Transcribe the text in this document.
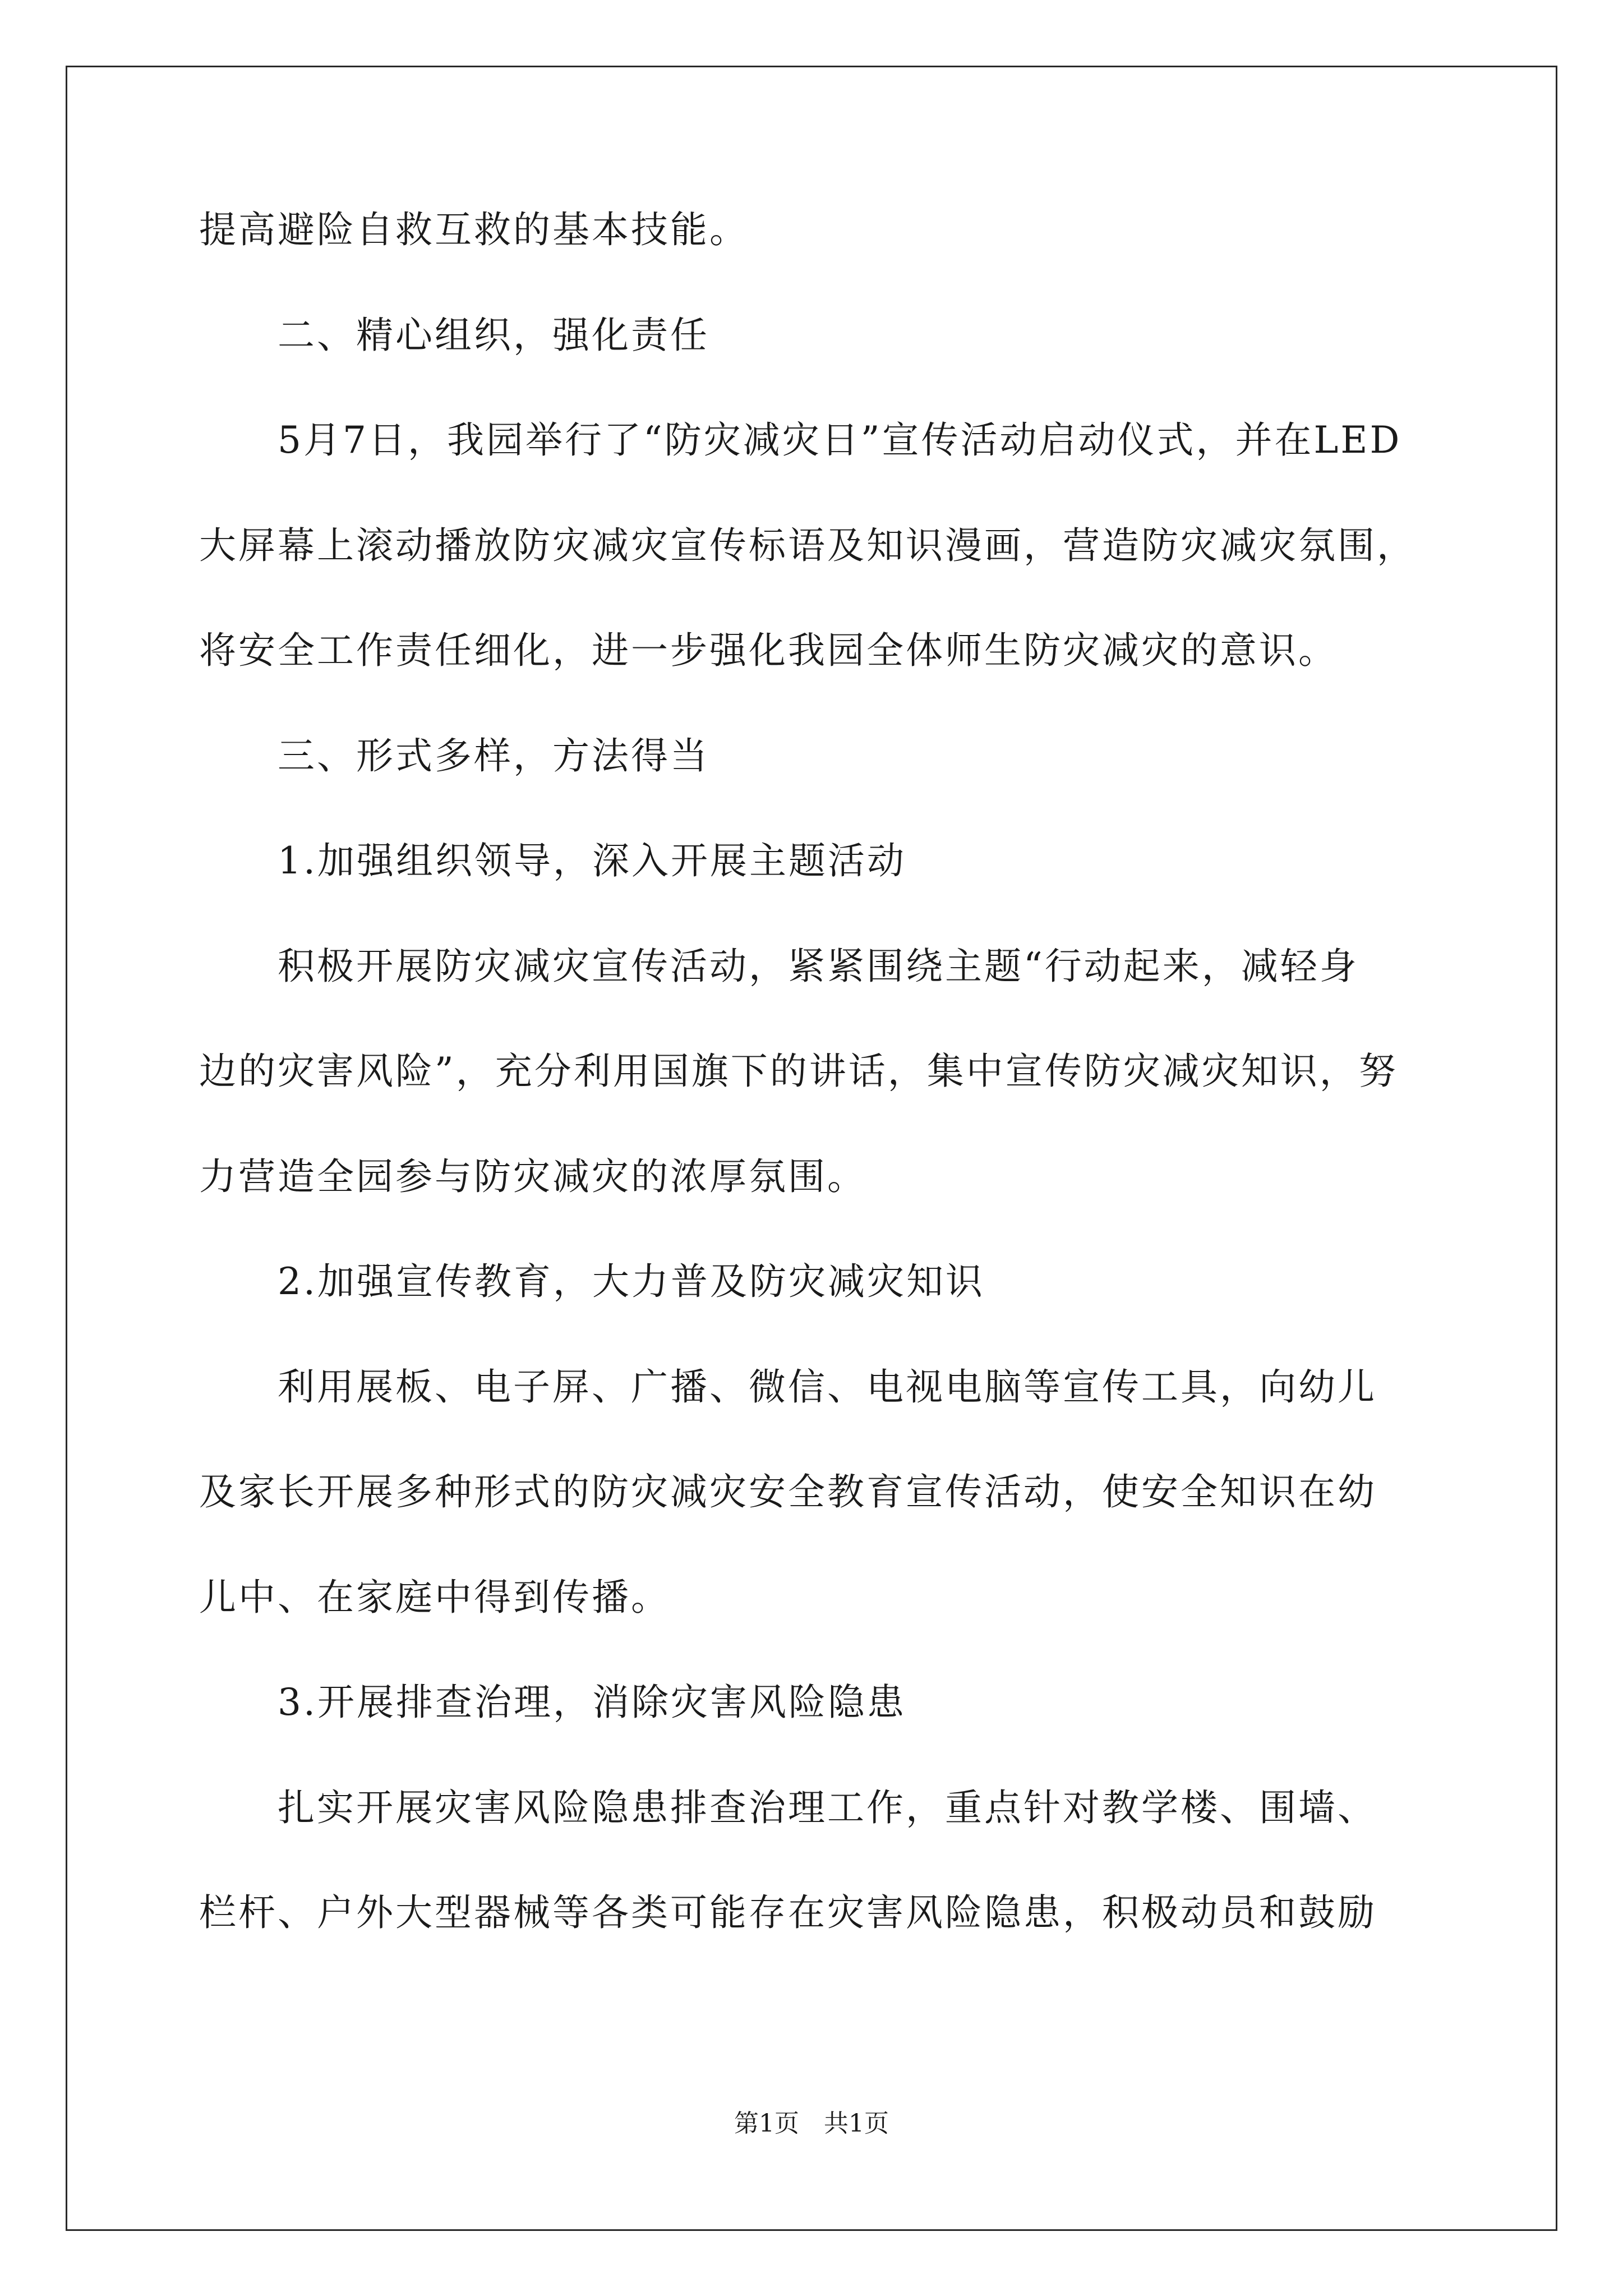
提高避险自救互救的基本技能。
　　二、精心组织，强化责任
　　5月7日，我园举行了“防灾减灾日”宣传活动启动仪式，并在LED
大屏幕上滚动播放防灾减灾宣传标语及知识漫画，营造防灾减灾氛围，
将安全工作责任细化，进一步强化我园全体师生防灾减灾的意识。
　　三、形式多样，方法得当
　　1.加强组织领导，深入开展主题活动
　　积极开展防灾减灾宣传活动，紧紧围绕主题“行动起来，减轻身
边的灾害风险”，充分利用国旗下的讲话，集中宣传防灾减灾知识，努
力营造全园参与防灾减灾的浓厚氛围。
　　2.加强宣传教育，大力普及防灾减灾知识
　　利用展板、电子屏、广播、微信、电视电脑等宣传工具，向幼儿
及家长开展多种形式的防灾减灾安全教育宣传活动，使安全知识在幼
儿中、在家庭中得到传播。
　　3.开展排查治理，消除灾害风险隐患
　　扎实开展灾害风险隐患排查治理工作，重点针对教学楼、围墙、
栏杆、户外大型器械等各类可能存在灾害风险隐患，积极动员和鼓励
第1页　共1页
